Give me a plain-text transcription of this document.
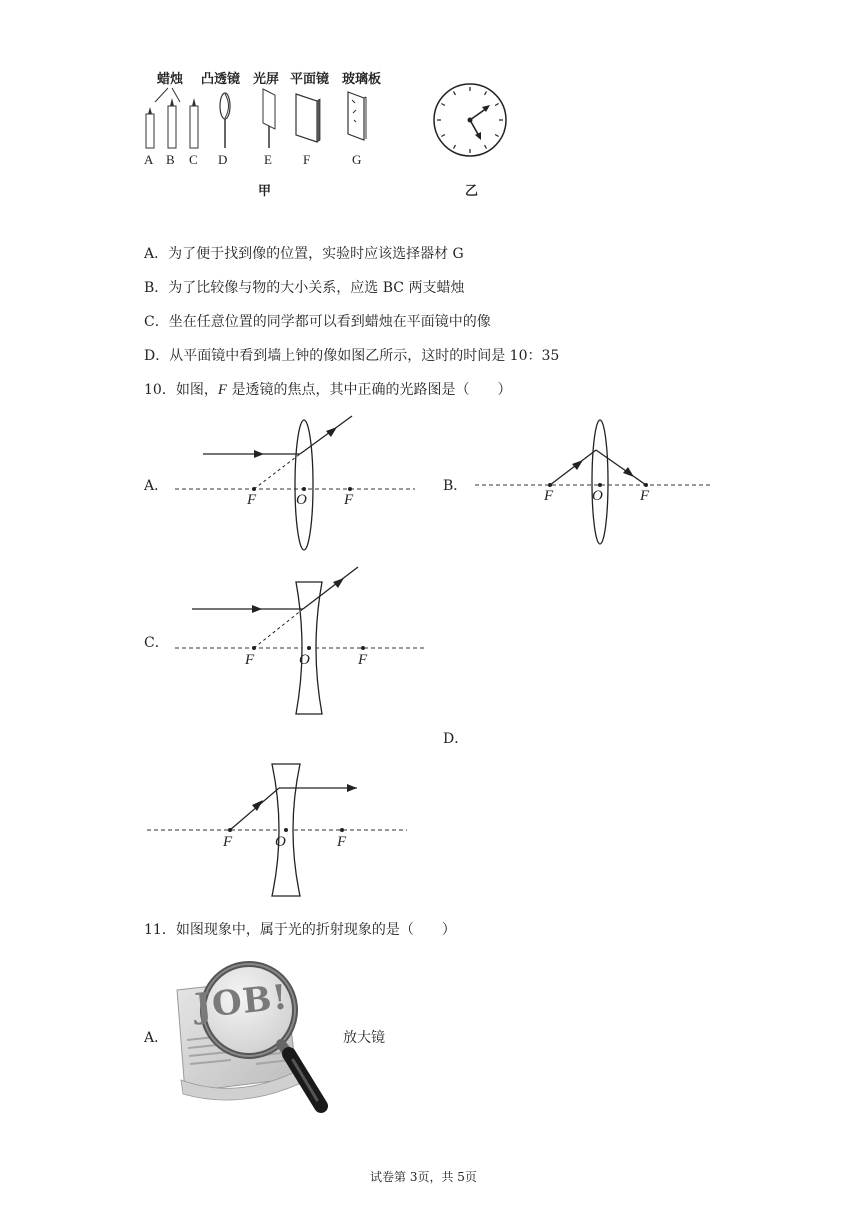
蜡烛 凸透镜 光屏 平面镜 玻璃板
A B C D	E F	G
甲	乙
A．为了便于找到像的位置，实验时应该选择器材 G
B．为了比较像与物的大小关系，应选 BC 两支蜡烛
C．坐在任意位置的同学都可以看到蜡烛在平面镜中的像
D．从平面镜中看到墙上钟的像如图乙所示，这时的时间是 10：35
10．如图，F 是透镜的焦点，其中正确的光路图是（　　）
A．
F	O F
B．
F	O F
C．
F	O	F
D．
F	O	F
11．如图现象中，属于光的折射现象的是（　　）
A．
JOB!
放大镜
试卷第 3页，共 5页
